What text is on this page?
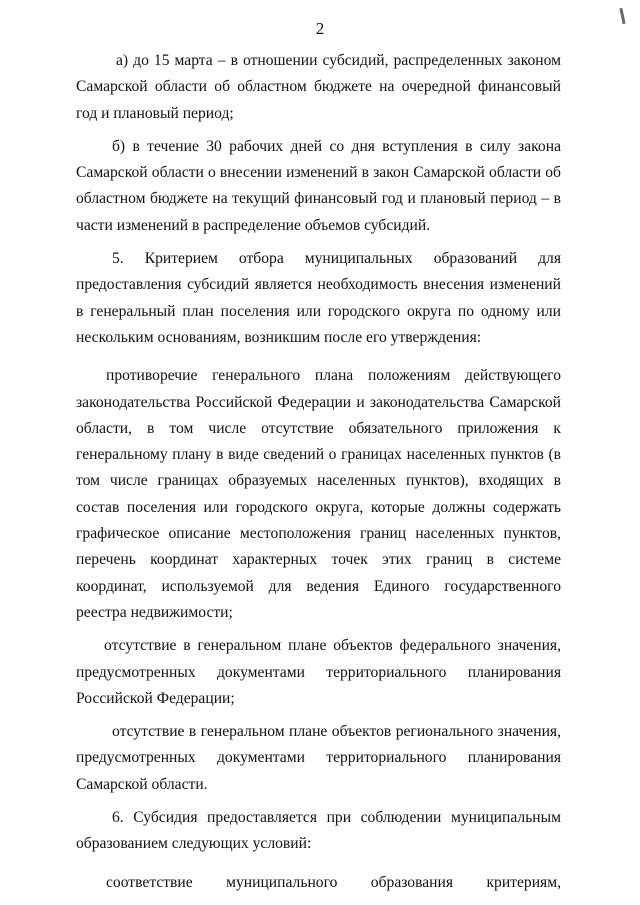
2

а) до 15 марта – в отношении субсидий, распределенных законом Самарской области об областном бюджете на очередной финансовый год и плановый период;

б) в течение 30 рабочих дней со дня вступления в силу закона Самарской области о внесении изменений в закон Самарской области об областном бюджете на текущий финансовый год и плановый период – в части изменений в распределение объемов субсидий.

5. Критерием отбора муниципальных образований для предоставления субсидий является необходимость внесения изменений в генеральный план поселения или городского округа по одному или нескольким основаниям, возникшим после его утверждения:

противоречие генерального плана положениям действующего законодательства Российской Федерации и законодательства Самарской области, в том числе отсутствие обязательного приложения к генеральному плану в виде сведений о границах населенных пунктов (в том числе границах образуемых населенных пунктов), входящих в состав поселения или городского округа, которые должны содержать графическое описание местоположения границ населенных пунктов, перечень координат характерных точек этих границ в системе координат, используемой для ведения Единого государственного реестра недвижимости;

отсутствие в генеральном плане объектов федерального значения, предусмотренных документами территориального планирования Российской Федерации;

отсутствие в генеральном плане объектов регионального значения, предусмотренных документами территориального планирования Самарской области.

6. Субсидия предоставляется при соблюдении муниципальным образованием следующих условий:

соответствие муниципального образования критериям,
